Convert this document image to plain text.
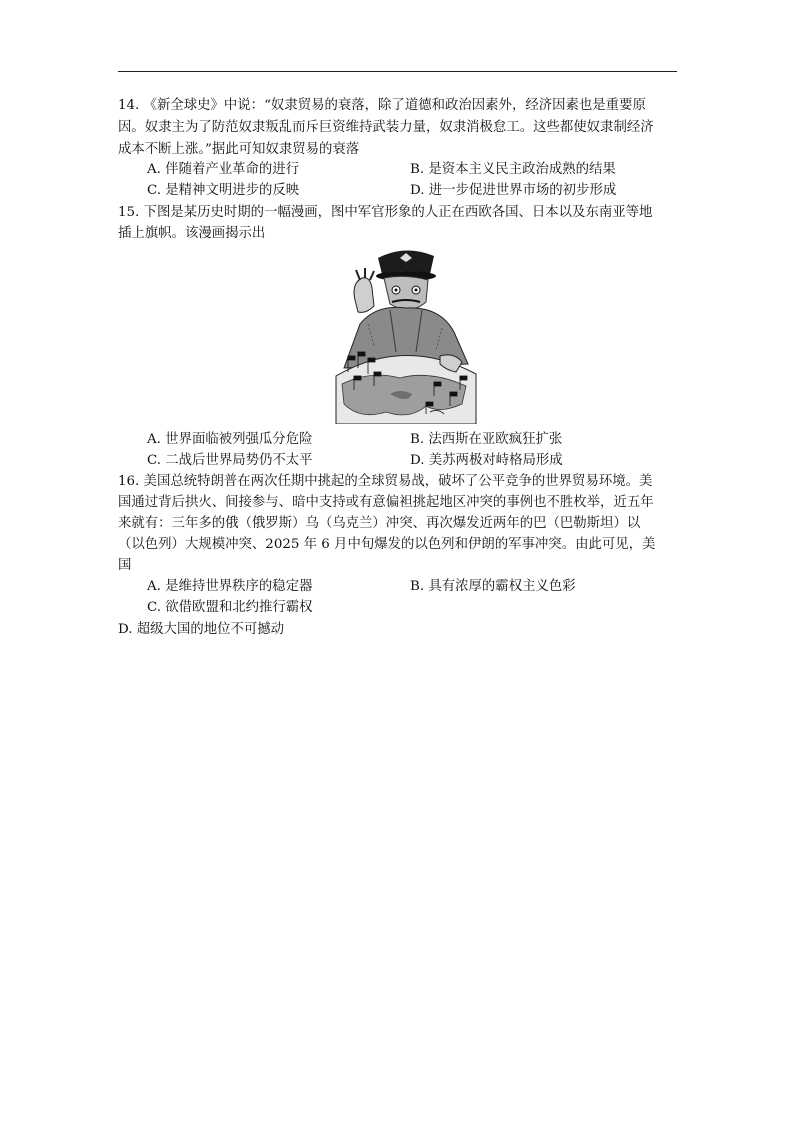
14. 《新全球史》中说：“奴隶贸易的衰落，除了道德和政治因素外，经济因素也是重要原
因。奴隶主为了防范奴隶叛乱而斥巨资维持武装力量，奴隶消极怠工。这些都使奴隶制经济
成本不断上涨。”据此可知奴隶贸易的衰落
A. 伴随着产业革命的进行	B. 是资本主义民主政治成熟的结果
C. 是精神文明进步的反映	D. 进一步促进世界市场的初步形成
15. 下图是某历史时期的一幅漫画，图中军官形象的人正在西欧各国、日本以及东南亚等地
插上旗帜。该漫画揭示出
A. 世界面临被列强瓜分危险	B. 法西斯在亚欧疯狂扩张
C. 二战后世界局势仍不太平	D. 美苏两极对峙格局形成
16. 美国总统特朗普在两次任期中挑起的全球贸易战，破坏了公平竞争的世界贸易环境。美
国通过背后拱火、间接参与、暗中支持或有意偏袒挑起地区冲突的事例也不胜枚举，近五年
来就有：三年多的俄（俄罗斯）乌（乌克兰）冲突、再次爆发近两年的巴（巴勒斯坦）以
（以色列）大规模冲突、2025 年 6 月中旬爆发的以色列和伊朗的军事冲突。由此可见，美
国
A. 是维持世界秩序的稳定器	B. 具有浓厚的霸权主义色彩
C. 欲借欧盟和北约推行霸权
D. 超级大国的地位不可撼动
